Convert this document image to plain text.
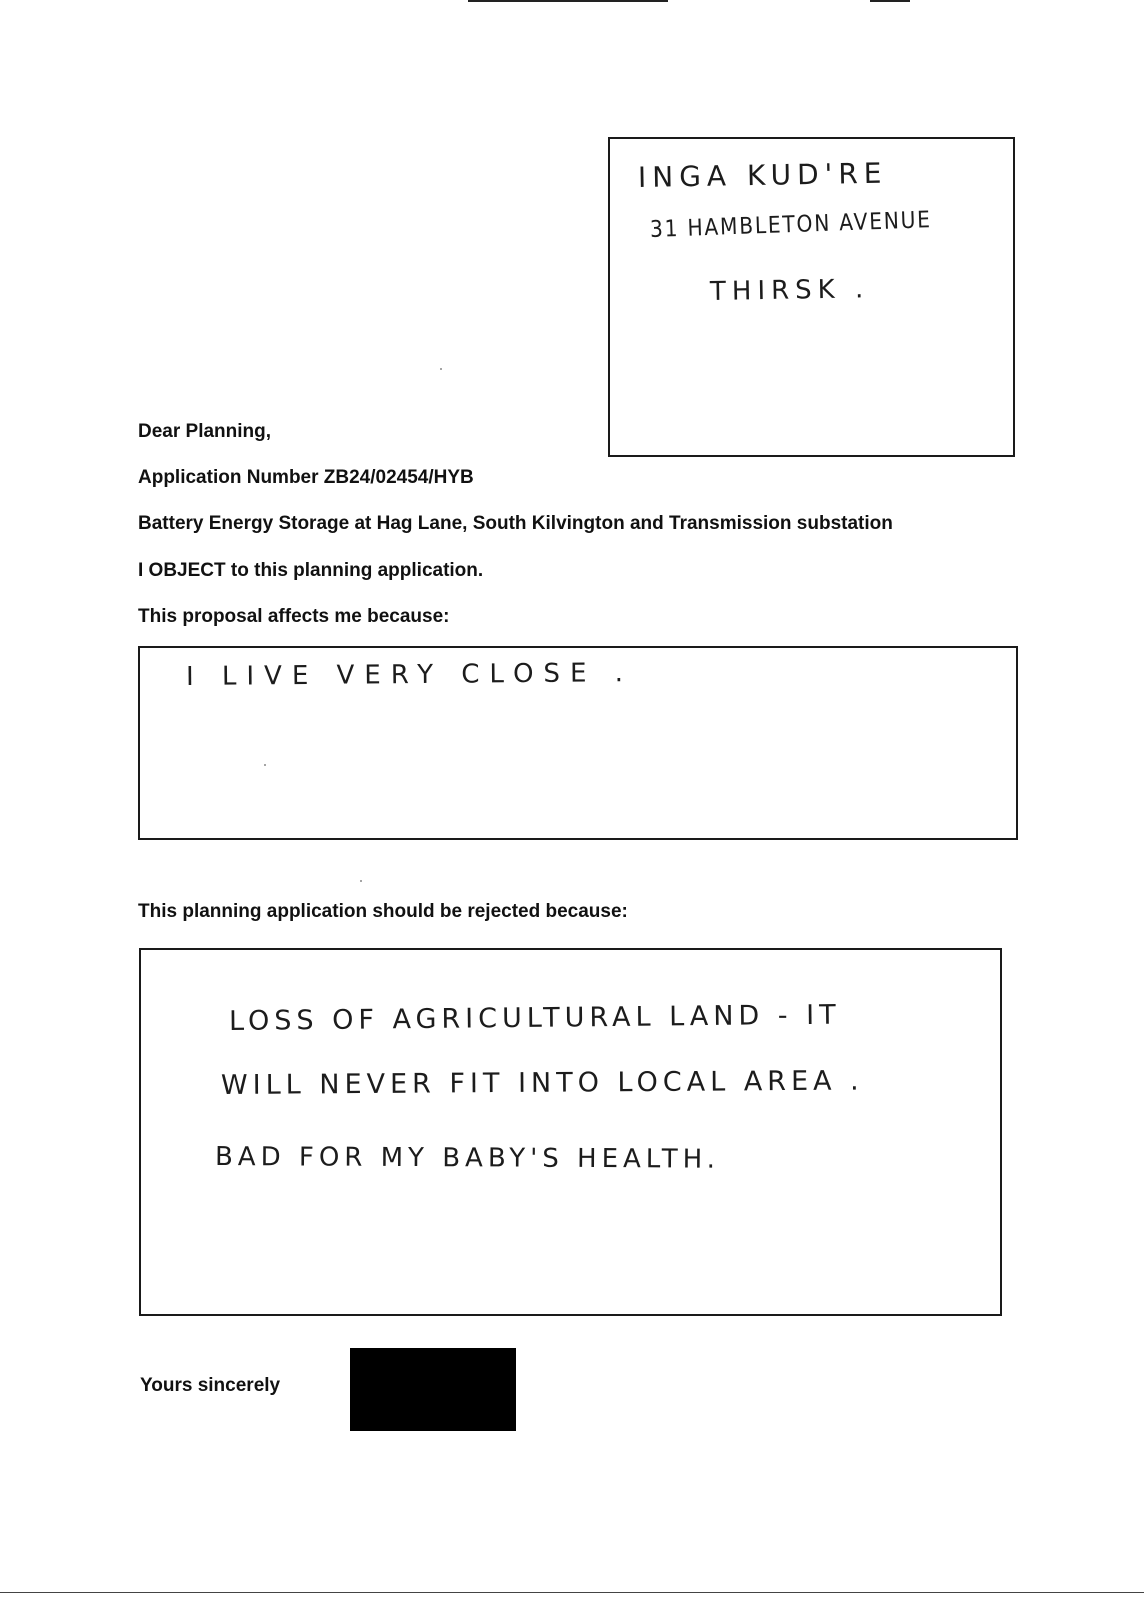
INGA KUD'RE
31 HAMBLETON AVENUE
THIRSK .
Dear Planning,
Application Number ZB24/02454/HYB
Battery Energy Storage at Hag Lane, South Kilvington and Transmission substation
I OBJECT to this planning application.
This proposal affects me because:
I LIVE VERY CLOSE .
This planning application should be rejected because:
LOSS OF AGRICULTURAL LAND - IT
WILL NEVER FIT INTO LOCAL AREA .
BAD FOR MY BABY'S HEALTH.
Yours sincerely
